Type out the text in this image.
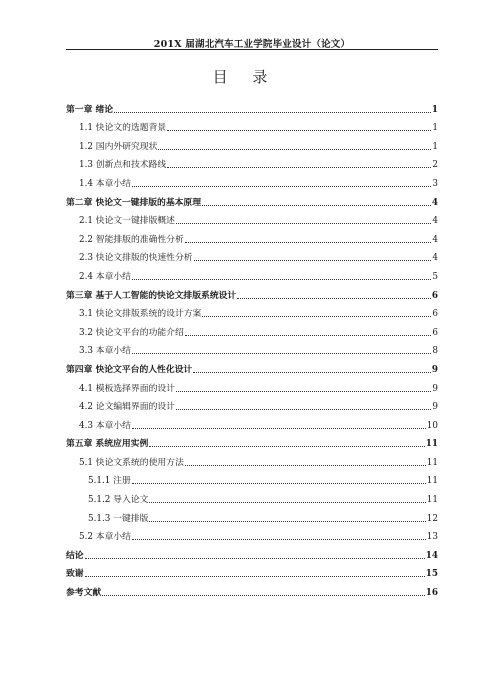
201X 届湖北汽车工业学院毕业设计（论文）
目 录
第一章 绪论	1
1.1 快论文的选题背景	1
1.2 国内外研究现状	1
1.3 创新点和技术路线	2
1.4 本章小结	3
第二章 快论文一键排版的基本原理	4
2.1 快论文一键排版概述	4
2.2 智能排版的准确性分析	4
2.3 快论文排版的快速性分析	4
2.4 本章小结	5
第三章 基于人工智能的快论文排版系统设计	6
3.1 快论文排版系统的设计方案	6
3.2 快论文平台的功能介绍	6
3.3 本章小结	8
第四章 快论文平台的人性化设计	9
4.1 模板选择界面的设计	9
4.2 论文编辑界面的设计	9
4.3 本章小结	10
第五章 系统应用实例	11
5.1 快论文系统的使用方法	11
5.1.1 注册	11
5.1.2 导入论文	11
5.1.3 一键排版	12
5.2 本章小结	13
结论	14
致谢	15
参考文献	16
